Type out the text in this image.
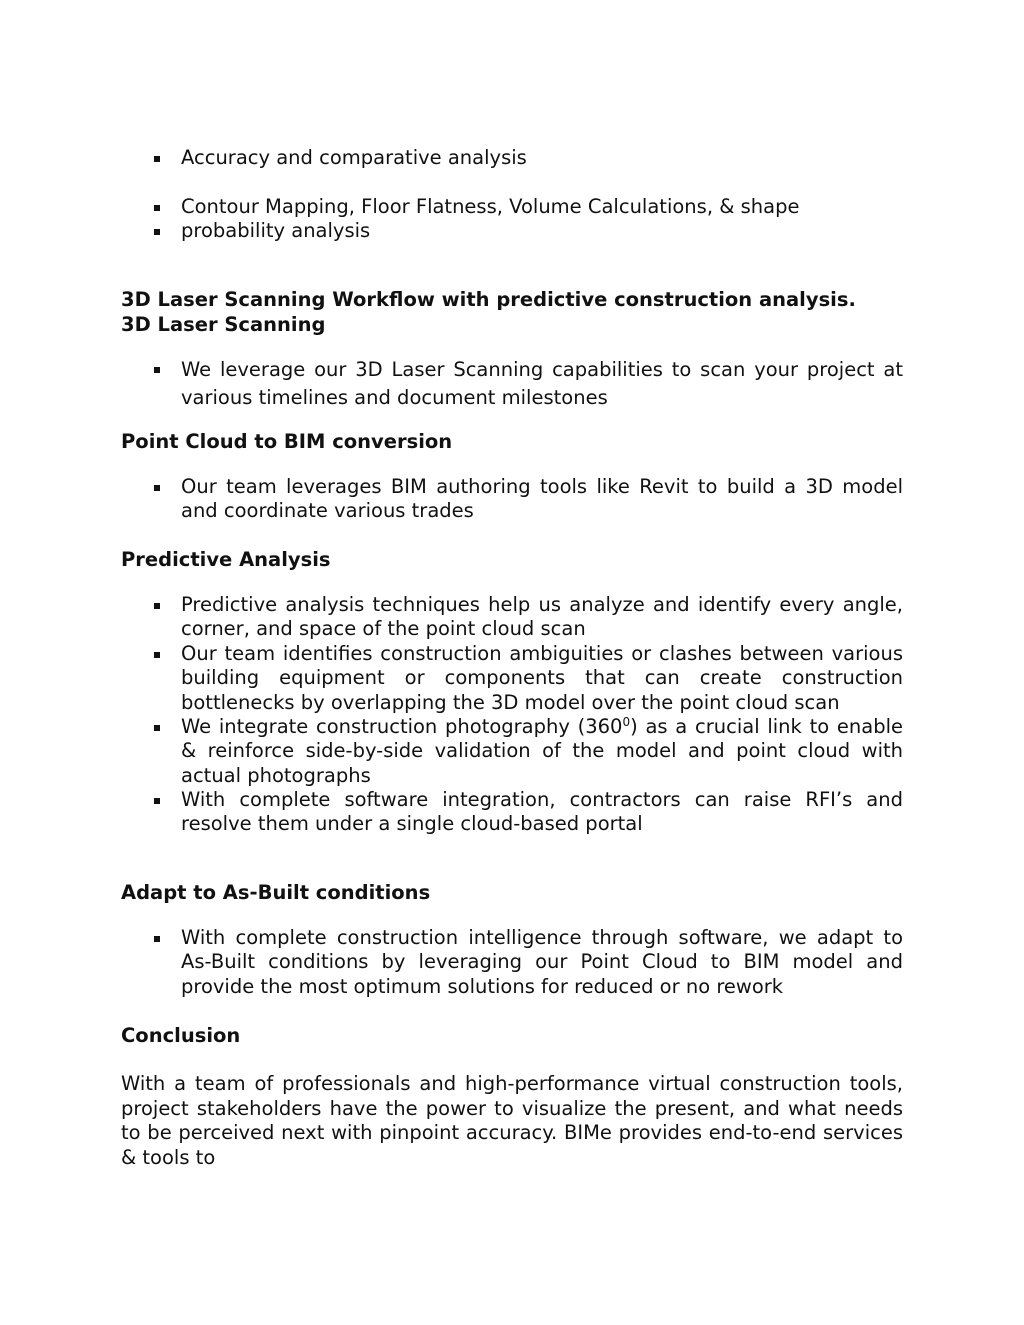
Accuracy and comparative analysis
Contour Mapping, Floor Flatness, Volume Calculations, & shape
probability analysis
3D Laser Scanning Workflow with predictive construction analysis.
3D Laser Scanning
We leverage our 3D Laser Scanning capabilities to scan your project at various timelines and document milestones
Point Cloud to BIM conversion
Our team leverages BIM authoring tools like Revit to build a 3D model and coordinate various trades
Predictive Analysis
Predictive analysis techniques help us analyze and identify every angle, corner, and space of the point cloud scan
Our team identifies construction ambiguities or clashes between various building equipment or components that can create construction bottlenecks by overlapping the 3D model over the point cloud scan
We integrate construction photography $(360^0)$ as a crucial link to enable & reinforce side-by-side validation of the model and point cloud with actual photographs
With complete software integration, contractors can raise RFI’s and resolve them under a single cloud-based portal
Adapt to As-Built conditions
With complete construction intelligence through software, we adapt to As-Built conditions by leveraging our Point Cloud to BIM model and provide the most optimum solutions for reduced or no rework
Conclusion

With a team of professionals and high-performance virtual construction tools, project stakeholders have the power to visualize the present, and what needs to be perceived next with pinpoint accuracy. BIMe provides end-to-end services & tools to
